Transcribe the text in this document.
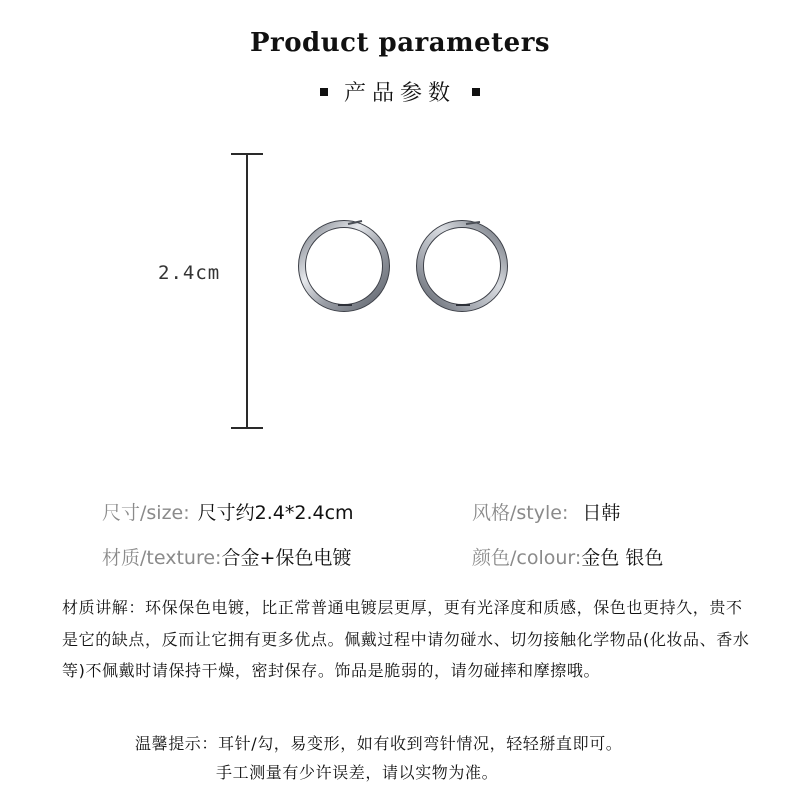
Product parameters
产品参数
2.4cm
尺寸/size: 尺寸约2.4*2.4cm	风格/style: 日韩
材质/texture: 合金+保色电镀	颜色/colour: 金色 银色
材质讲解：环保保色电镀，比正常普通电镀层更厚，更有光泽度和质感，保色也更持久，贵不是它的缺点，反而让它拥有更多优点。佩戴过程中请勿碰水、切勿接触化学物品(化妆品、香水等)不佩戴时请保持干燥，密封保存。饰品是脆弱的，请勿碰摔和摩擦哦。
温馨提示：耳针/勾，易变形，如有收到弯针情况，轻轻掰直即可。
手工测量有少许误差，请以实物为准。
